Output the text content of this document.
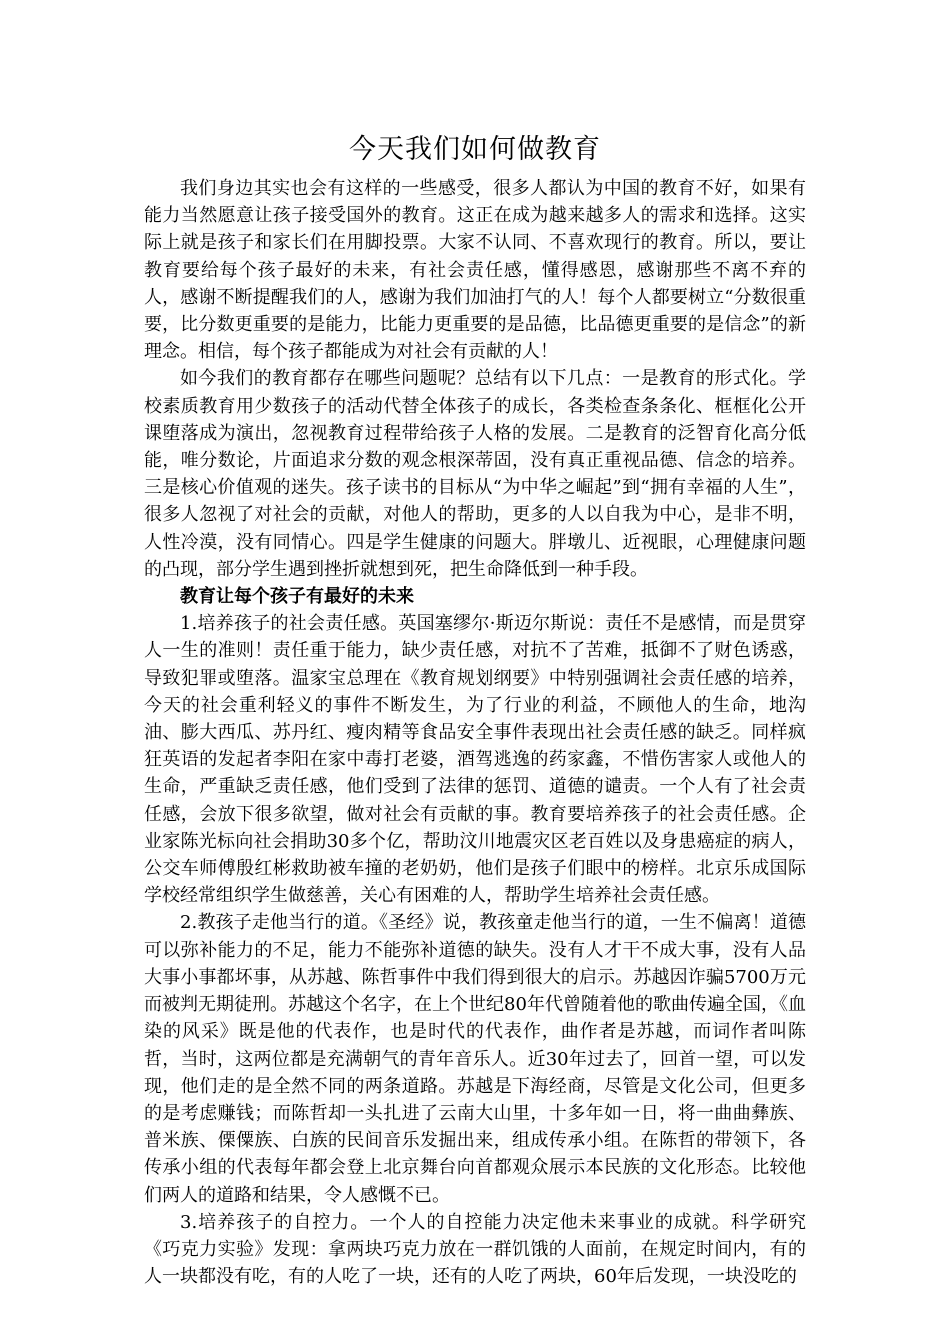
今天我们如何做教育

我们身边其实也会有这样的一些感受，很多人都认为中国的教育不好，如果有能力当然愿意让孩子接受国外的教育。这正在成为越来越多人的需求和选择。这实际上就是孩子和家长们在用脚投票。大家不认同、不喜欢现行的教育。所以，要让教育要给每个孩子最好的未来，有社会责任感，懂得感恩，感谢那些不离不弃的人，感谢不断提醒我们的人，感谢为我们加油打气的人！每个人都要树立“分数很重要，比分数更重要的是能力，比能力更重要的是品德，比品德更重要的是信念”的新理念。相信，每个孩子都能成为对社会有贡献的人！

如今我们的教育都存在哪些问题呢？总结有以下几点：一是教育的形式化。学校素质教育用少数孩子的活动代替全体孩子的成长，各类检查条条化、框框化公开课堕落成为演出，忽视教育过程带给孩子人格的发展。二是教育的泛智育化高分低能，唯分数论，片面追求分数的观念根深蒂固，没有真正重视品德、信念的培养。三是核心价值观的迷失。孩子读书的目标从“为中华之崛起”到“拥有幸福的人生”，很多人忽视了对社会的贡献，对他人的帮助，更多的人以自我为中心，是非不明，人性冷漠，没有同情心。四是学生健康的问题大。胖墩儿、近视眼，心理健康问题的凸现，部分学生遇到挫折就想到死，把生命降低到一种手段。

教育让每个孩子有最好的未来

1.培养孩子的社会责任感。英国塞缪尔·斯迈尔斯说：责任不是感情，而是贯穿人一生的准则！责任重于能力，缺少责任感，对抗不了苦难，抵御不了财色诱惑，导致犯罪或堕落。温家宝总理在《教育规划纲要》中特别强调社会责任感的培养，今天的社会重利轻义的事件不断发生，为了行业的利益，不顾他人的生命，地沟油、膨大西瓜、苏丹红、瘦肉精等食品安全事件表现出社会责任感的缺乏。同样疯狂英语的发起者李阳在家中毒打老婆，酒驾逃逸的药家鑫，不惜伤害家人或他人的生命，严重缺乏责任感，他们受到了法律的惩罚、道德的谴责。一个人有了社会责任感，会放下很多欲望，做对社会有贡献的事。教育要培养孩子的社会责任感。企业家陈光标向社会捐助30多个亿，帮助汶川地震灾区老百姓以及身患癌症的病人，公交车师傅殷红彬救助被车撞的老奶奶，他们是孩子们眼中的榜样。北京乐成国际学校经常组织学生做慈善，关心有困难的人，帮助学生培养社会责任感。

2.教孩子走他当行的道。《圣经》说，教孩童走他当行的道，一生不偏离！道德可以弥补能力的不足，能力不能弥补道德的缺失。没有人才干不成大事，没有人品大事小事都坏事，从苏越、陈哲事件中我们得到很大的启示。苏越因诈骗5700万元而被判无期徒刑。苏越这个名字，在上个世纪80年代曾随着他的歌曲传遍全国，《血染的风采》既是他的代表作，也是时代的代表作，曲作者是苏越，而词作者叫陈哲，当时，这两位都是充满朝气的青年音乐人。近30年过去了，回首一望，可以发现，他们走的是全然不同的两条道路。苏越是下海经商，尽管是文化公司，但更多的是考虑赚钱；而陈哲却一头扎进了云南大山里，十多年如一日，将一曲曲彝族、普米族、傈僳族、白族的民间音乐发掘出来，组成传承小组。在陈哲的带领下，各传承小组的代表每年都会登上北京舞台向首都观众展示本民族的文化形态。比较他们两人的道路和结果，令人感慨不已。

3.培养孩子的自控力。一个人的自控能力决定他未来事业的成就。科学研究《巧克力实验》发现：拿两块巧克力放在一群饥饿的人面前，在规定时间内，有的人一块都没有吃，有的人吃了一块，还有的人吃了两块，60年后发现，一块没吃的
